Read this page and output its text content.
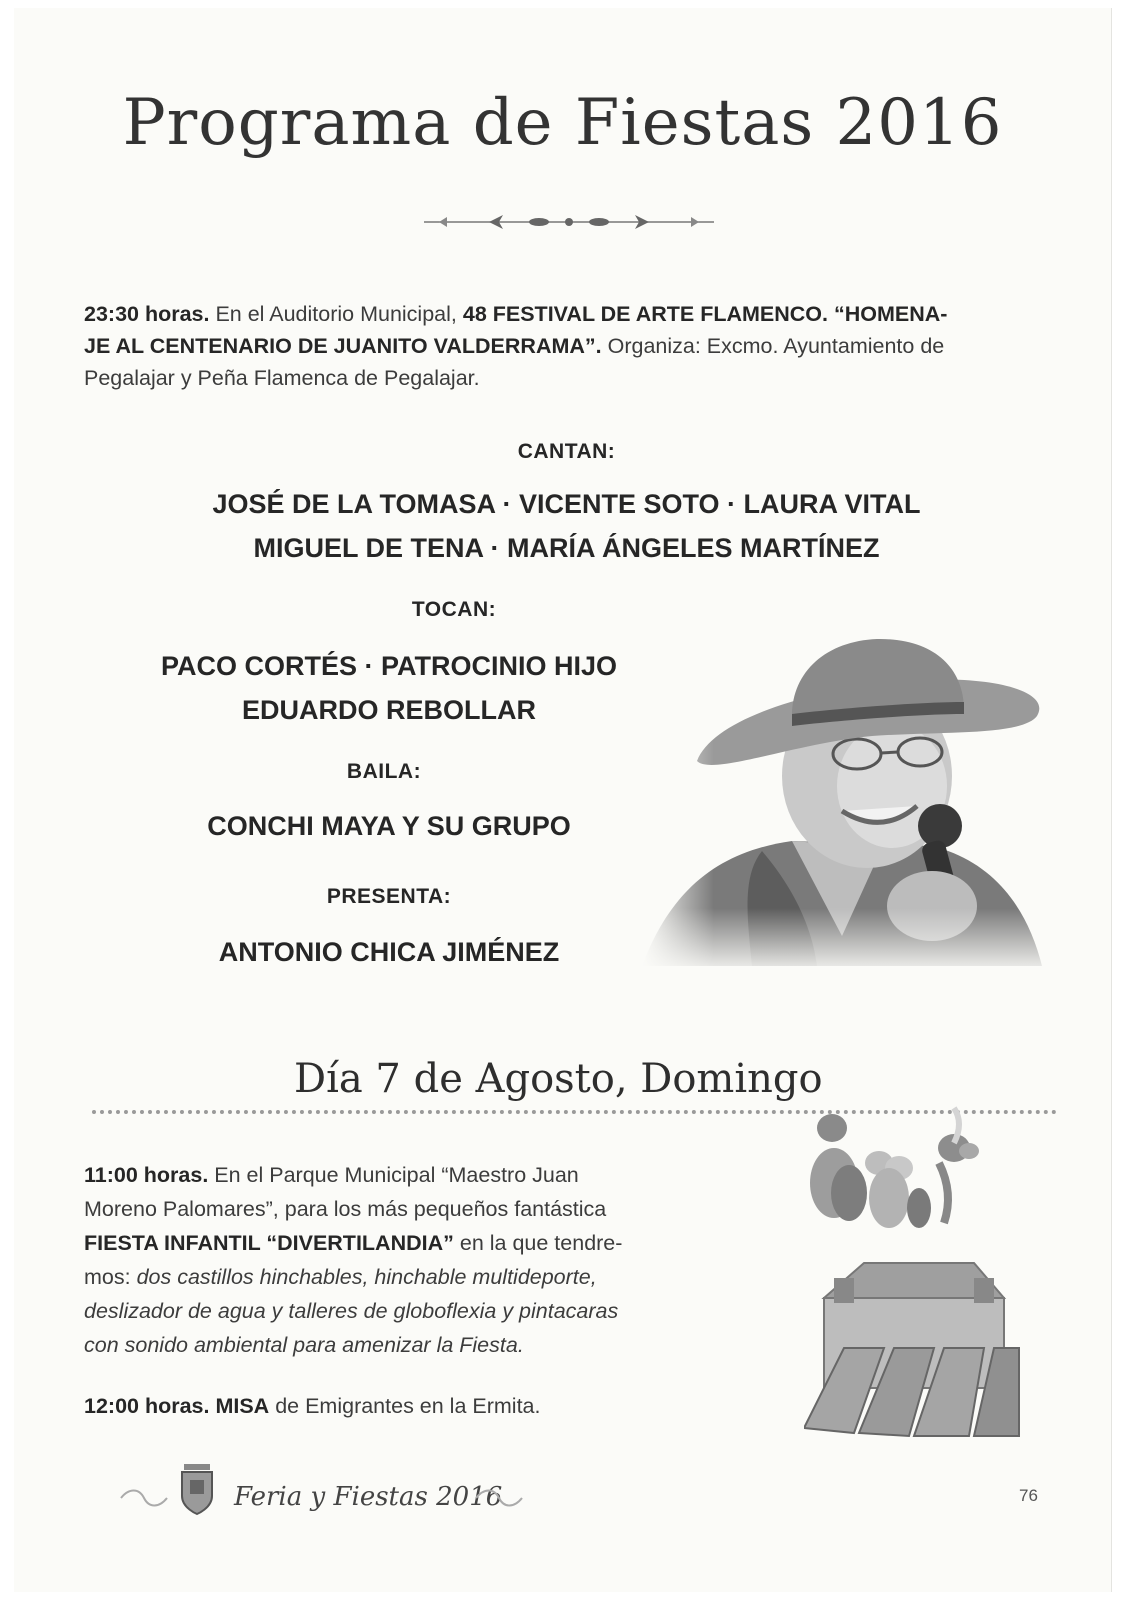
Programa de Fiestas 2016
23:30 horas. En el Auditorio Municipal, 48 FESTIVAL DE ARTE FLAMENCO. “HOMENA-
JE AL CENTENARIO DE JUANITO VALDERRAMA”. Organiza: Excmo. Ayuntamiento de
Pegalajar y Peña Flamenca de Pegalajar.
CANTAN:
JOSÉ DE LA TOMASA · VICENTE SOTO · LAURA VITAL
MIGUEL DE TENA · MARÍA ÁNGELES MARTÍNEZ
TOCAN:
PACO CORTÉS · PATROCINIO HIJO
EDUARDO REBOLLAR
BAILA:
CONCHI MAYA Y SU GRUPO
PRESENTA:
ANTONIO CHICA JIMÉNEZ
Día 7 de Agosto, Domingo
11:00 horas. En el Parque Municipal “Maestro Juan
Moreno Palomares”, para los más pequeños fantástica
FIESTA INFANTIL “DIVERTILANDIA” en la que tendre-
mos: dos castillos hinchables, hinchable multideporte,
deslizador de agua y talleres de globoflexia y pintacaras
con sonido ambiental para amenizar la Fiesta.
12:00 horas. MISA de Emigrantes en la Ermita.
Feria y Fiestas 2016	76
